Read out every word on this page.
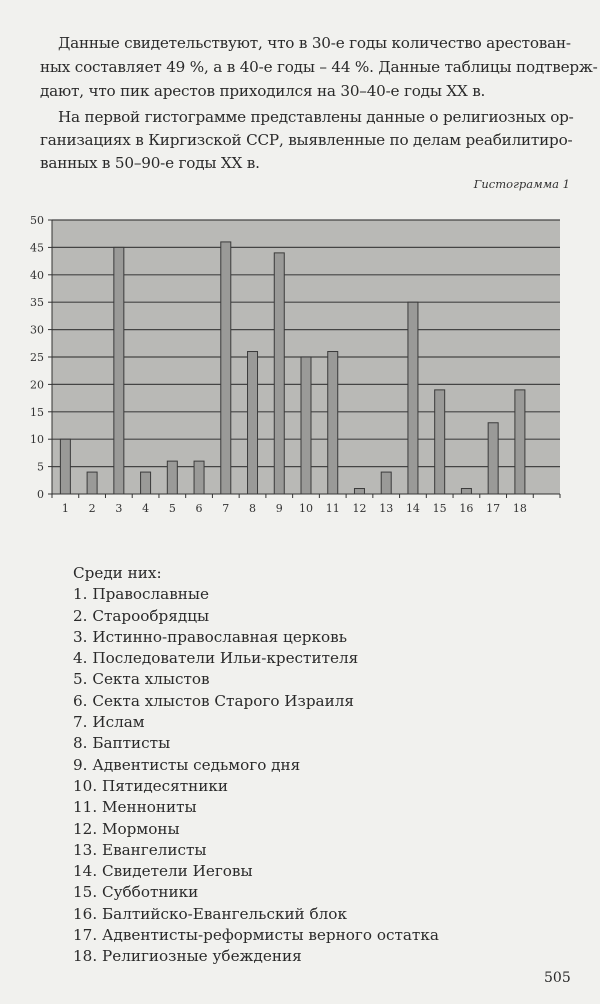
Данные свидетельствуют, что в 30-е годы количество арестован-
ных составляет 49 %, а в 40-е годы – 44 %. Данные таблицы подтверж-
дают, что пик арестов приходился на 30–40-е годы XX в.
На первой гистограмме представлены данные о религиозных ор-
ганизациях в Киргизской ССР, выявленные по делам реабилитиро-
ванных в 50–90-е годы XX в.
Гистограмма 1
0
5
10
15
20
25
30
35
40
45
50
1 2 3 4 5 6 7 8 9 10 11 12 13 14 15 16 17 18
Среди них:
1. Православные
2. Старообрядцы
3. Истинно-православная церковь
4. Последователи Ильи-крестителя
5. Секта хлыстов
6. Секта хлыстов Старого Израиля
7. Ислам
8. Баптисты
9. Адвентисты седьмого дня
10. Пятидесятники
11. Меннониты
12. Мормоны
13. Евангелисты
14. Свидетели Иеговы
15. Субботники
16. Балтийско-Евангельский блок
17. Адвентисты-реформисты верного остатка
18. Религиозные убеждения
505
